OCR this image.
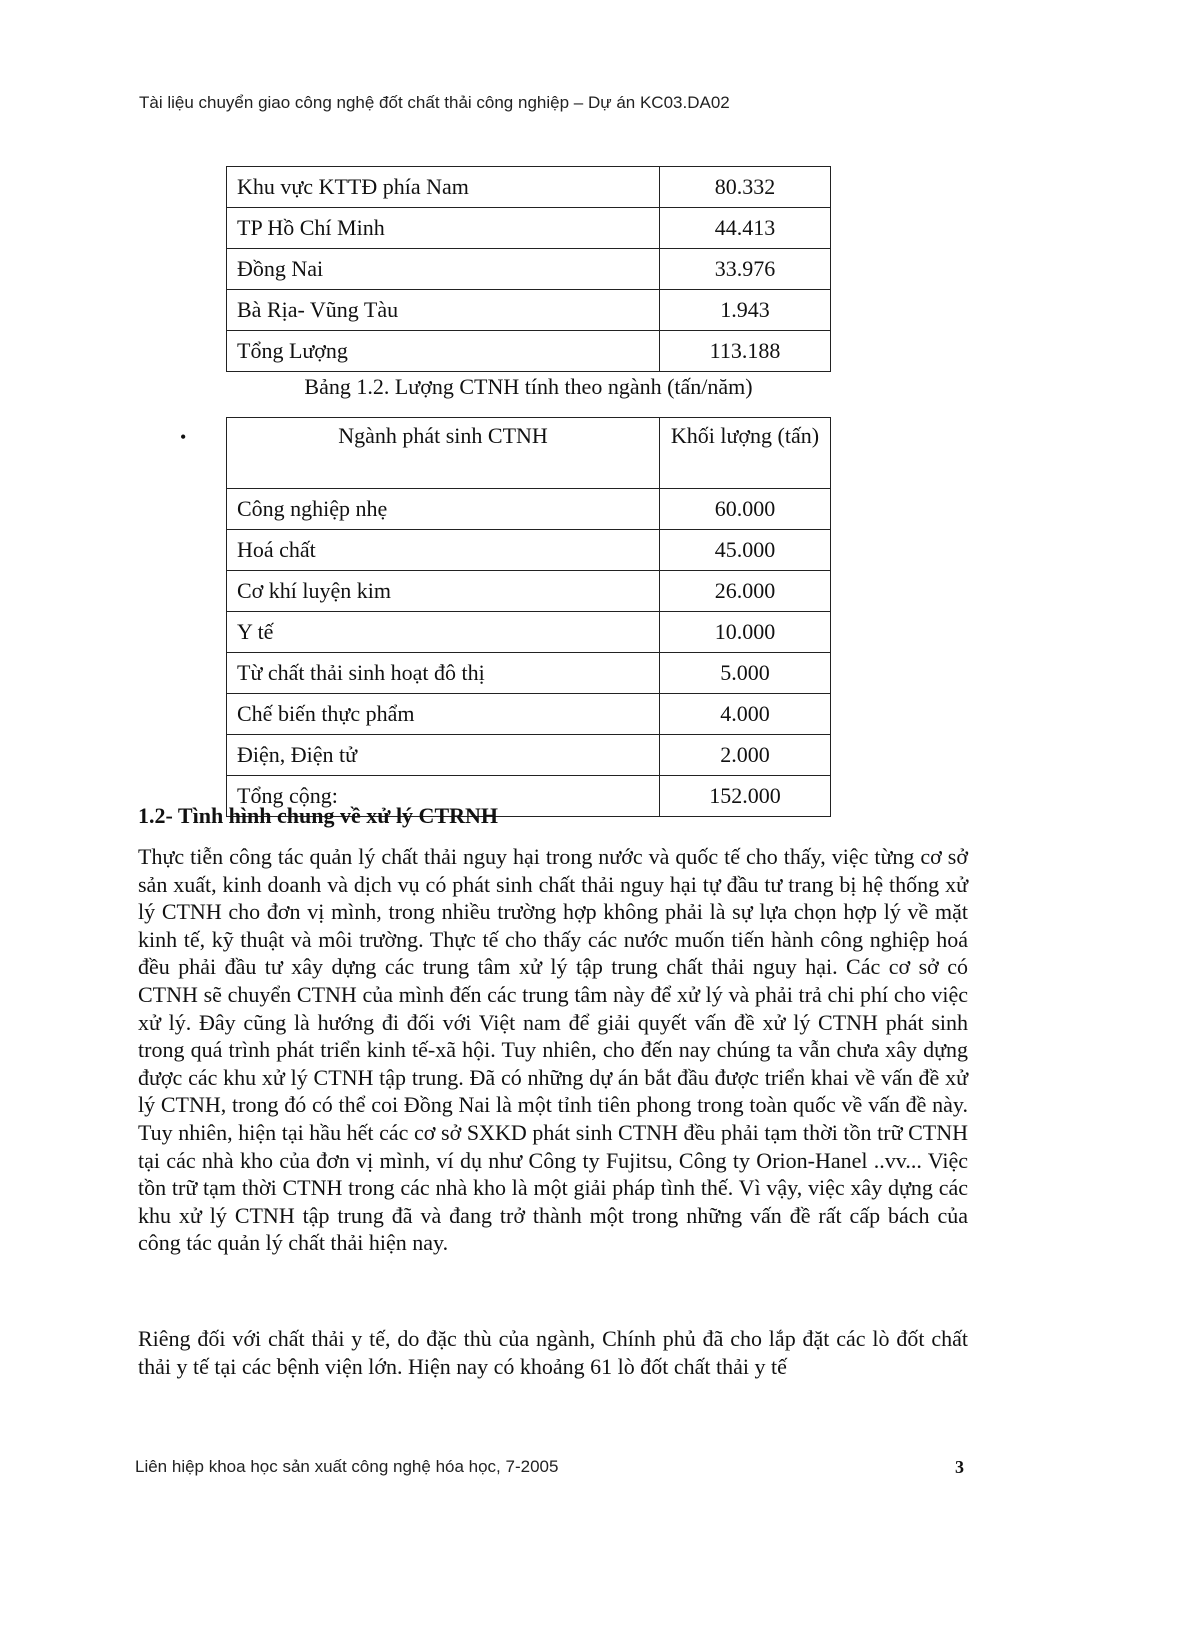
Tài liệu chuyển giao công nghệ đốt chất thải công nghiệp – Dự án KC03.DA02
Khu vực KTTĐ phía Nam	80.332
TP Hồ Chí Minh	44.413
Đồng Nai	33.976
Bà Rịa- Vũng Tàu	1.943
Tổng Lượng	113.188
Bảng 1.2. Lượng CTNH tính theo ngành (tấn/năm)
•	Ngành phát sinh CTNH	Khối lượng (tấn)
Công nghiệp nhẹ	60.000
Hoá chất	45.000
Cơ khí luyện kim	26.000
Y tế	10.000
Từ chất thải sinh hoạt đô thị	5.000
Chế biến thực phẩm	4.000
Điện, Điện tử	2.000
Tổng cộng:	152.000
1.2- Tình hình chung về xử lý CTRNH
Thực tiễn công tác quản lý chất thải nguy hại trong nước và quốc tế cho thấy, việc từng cơ sở sản xuất, kinh doanh và dịch vụ có phát sinh chất thải nguy hại tự đầu tư trang bị hệ thống xử lý CTNH cho đơn vị mình, trong nhiều trường hợp không phải là sự lựa chọn hợp lý về mặt kinh tế, kỹ thuật và môi trường. Thực tế cho thấy các nước muốn tiến hành công nghiệp hoá đều phải đầu tư xây dựng các trung tâm xử lý tập trung chất thải nguy hại. Các cơ sở có CTNH sẽ chuyển CTNH của mình đến các trung tâm này để xử lý và phải trả chi phí cho việc xử lý. Đây cũng là hướng đi đối với Việt nam để giải quyết vấn đề xử lý CTNH phát sinh trong quá trình phát triển kinh tế-xã hội. Tuy nhiên, cho đến nay chúng ta vẫn chưa xây dựng được các khu xử lý CTNH tập trung. Đã có những dự án bắt đầu được triển khai về vấn đề xử lý CTNH, trong đó có thể coi Đồng Nai là một tỉnh tiên phong trong toàn quốc về vấn đề này. Tuy nhiên, hiện tại hầu hết các cơ sở SXKD phát sinh CTNH đều phải tạm thời tồn trữ CTNH tại các nhà kho của đơn vị mình, ví dụ như Công ty Fujitsu, Công ty Orion-Hanel ..vv... Việc tồn trữ tạm thời CTNH trong các nhà kho là một giải pháp tình thế. Vì vậy, việc xây dựng các khu xử lý CTNH tập trung đã và đang trở thành một trong những vấn đề rất cấp bách của công tác quản lý chất thải hiện nay.
Riêng đối với chất thải y tế, do đặc thù của ngành, Chính phủ đã cho lắp đặt các lò đốt chất thải y tế tại các bệnh viện lớn. Hiện nay có khoảng 61 lò đốt chất thải y tế
Liên hiệp khoa học sản xuất công nghệ hóa học, 7-2005	3
